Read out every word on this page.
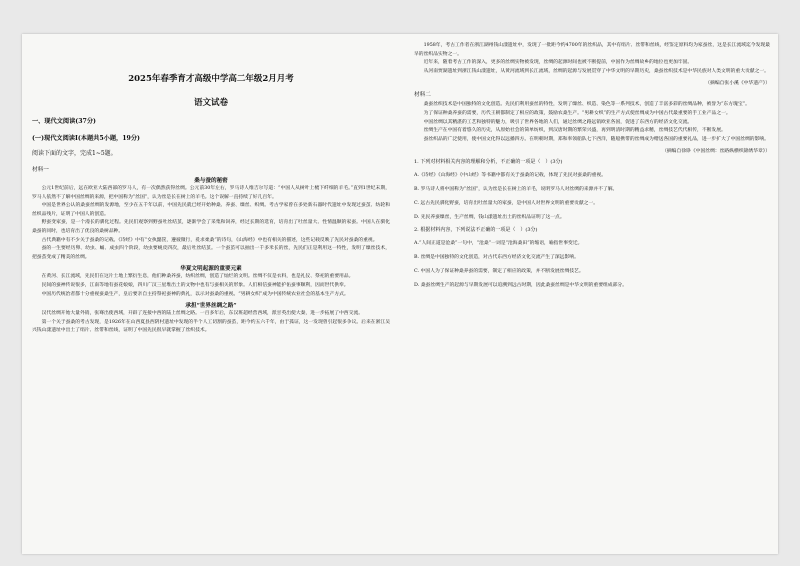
2025年春季育才高级中学高二年级2月月考

语文试卷

一、现代文阅读(37分)

(一)现代文阅读Ⅰ(本题共5小题，19分)

阅读下面的文字，完成1~5题。

材料一

桑与蚕的秘密

公元1世纪前后，远在欧亚大陆西部的罗马人，有一次偶然获得丝绸。公元前30年左右，罗马诗人维吉尔写道：“中国人从树叶上梳下纤细的羊毛。”直到1世纪末期，罗马人依然不了解中国丝绸的来源，把中国称为“丝国”，认为丝是长在树上的羊毛。这个误解一直持续了好几百年。

中国是世界公认的桑蚕丝绸的发源地，至少在五千年以前，中国先民就已经开始种桑、养蚕、缫丝、织绸。考古学家曾在多处新石器时代遗址中发现过蚕茧、纺轮和丝织品残片，证明了中国人的创造。

野蚕变家蚕，是一个漫长的驯化过程。先民们观察到野蚕吐丝结茧，逐渐学会了采集和饲养，经过长期的选育，培育出了吐丝量大、性情温顺的家蚕。中国人在驯化桑蚕的同时，也培育出了优良的桑树品种。

古代典籍中有不少关于蚕桑的记载。《诗经》中有“女执懿筐，遵彼微行，爰求柔桑”的诗句，《山海经》中也有相关的描述，这些记载反映了先民对蚕桑的重视。

蚕的一生要经历卵、幼虫、蛹、成虫四个阶段，幼虫要蜕皮四次，最后吐丝结茧。一个蚕茧可以抽出一千多米长的丝，先民们正是利用这一特性，发明了缫丝技术，把蚕茧变成了精美的丝绸。

华夏文明起源的重要元素

在黄河、长江流域，先民们在这片土地上繁衍生息，他们种桑养蚕，纺织丝绸，创造了灿烂的文明。丝绸不仅是衣料，也是礼仪、祭祀的重要用品。

民间的蚕神传说很多，江南等地有蚕花娘娘，四川广汉三星堆出土的文物中也有与蚕相关的形象。人们相信蚕神能护佑蚕事顺利，因而世代供奉。

中国历代统治者都十分重视蚕桑生产，皇后要亲自主持祭祀蚕神的典礼，以示对蚕桑的重视。“男耕女织”成为中国传统农业社会的基本生产方式。

承担“世界丝绸之路”

汉代丝绸开始大量外销，张骞出使西域，开辟了连接中西的陆上丝绸之路。一百多年后，东汉班超经营西域，派甘英出使大秦，进一步拓展了中西交流。

第一个关于蚕桑的考古发现，是1926年在山西夏县西阴村遗址中发现的半个人工切割的蚕茧，距今约五六千年，由于孤证，这一发现曾引起很多争议。后来在浙江吴兴钱山漾遗址中出土了绢片、丝带和丝线，证明了中国先民很早就掌握了丝织技术。

1958年，考古工作者在浙江湖州钱山漾遗址中，发现了一批距今约4700年的丝织品，其中有绢片、丝带和丝线，经鉴定原料均为家蚕丝，这是长江流域迄今发现最早的丝织品实物之一。

近年来，随着考古工作的深入，更多的丝绸实物被发现，丝绸的起源时间也被不断提前，中国作为丝绸故乡的地位也更加牢固。

从河南贾湖遗址到浙江钱山漾遗址，从黄河流域到长江流域，丝绸的起源与发展贯穿了中华文明的早期历史，桑蚕丝织技术是中华民族对人类文明的重大贡献之一。

（摘编自张小溪《中华遗产》）

材料二

桑蚕丝织技术是中国独特的文化创造。先民们利用蚕丝的特性，发明了缫丝、织造、染色等一系列技术，创造了丰富多彩的丝绸品种，被誉为“东方瑰宝”。

为了保证种桑养蚕的需要，历代王朝都制定了相应的政策，鼓励农桑生产。“男耕女织”的生产方式使丝绸成为中国古代最重要的手工业产品之一。

中国丝绸以其精湛的工艺和独特的魅力，吸引了世界各地的人们，通过丝绸之路远销欧亚各国，促进了东西方的经济文化交流。

丝绸生产在中国有着悠久的历史，从原始社会的简单纺织，到汉唐时期的繁荣兴盛，再到明清时期的精益求精，丝绸技艺代代相传，不断发展。

蚕丝织品的广泛使用，使中国文化得以远播四方。在明朝时期，郑和率领船队七下西洋，随船携带的丝绸成为赠送各国的重要礼品，进一步扩大了中国丝绸的影响。

（摘编自徐铮《中国丝绸：丝路纵横织锦绣华章》）

1. 下列对材料相关内容的理解和分析，不正确的一项是（　）(3分)

A.《诗经》《山海经》《中山经》等书籍中都有关于蚕桑的记载，体现了先民对蚕桑的重视。

B. 罗马诗人将中国称为“丝国”，认为丝是长在树上的羊毛，说明罗马人对丝绸的来源并不了解。

C. 远古先民驯化野蚕，培育出吐丝量大的家蚕，是中国人对世界文明的重要贡献之一。

D. 先民养蚕缫丝，生产丝绸，钱山漾遗址出土的丝织品证明了这一点。

2. 根据材料内容，下列说法不正确的一项是（　）(3分)

A.“人间正道是沧桑”一句中，“沧桑”一词是“沧海桑田”的缩语，喻指世事变迁。

B. 丝绸是中国独特的文化创造，对古代东西方经济文化交流产生了深远影响。

C. 中国人为了保证种桑养蚕的需要，制定了相应的政策，并不断发展丝绸技艺。

D. 桑蚕丝绸生产的起源与早期发展可以追溯到远古时期，因此桑蚕丝绸是中华文明的重要组成部分。
